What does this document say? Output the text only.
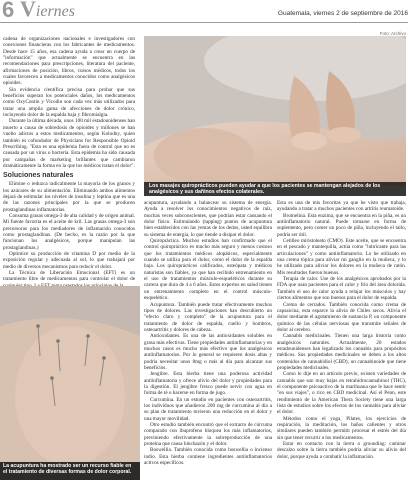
6 Viernes	Guatemala, viernes 2 de septiembre de 2016
Foto: Archivo

cadena de organizaciones nacionales e investigadores con conexiones financieras con los fabricantes de medicamentos. Desde hace 15 años, esa cadena ayuda a crear un cuerpo de "información" que actualmente se encuentra en las recomendaciones para prescripciones, literatura del paciente, afirmaciones de posición, libros, cursos médicos, todos los cuales favorecen a medicamentos conocidos como analgésicos opioides.

Sin evidencia científica precisa para probar que sus beneficios superan los potenciales daños, los medicamentos como OxyContin y Vicodin son cada vez más utilizados para tratar una amplia gama de afecciones de dolor crónico, incluyendo dolor de la espalda baja y fibromialgia.

Durante la última década, unos 100 mil estadounidenses han muerto a causa de sobredosis de opioides y millones se han vuelto adictos a estos medicamentos, según Kolodny, quien también es cofundador de Physicians for Responsible Opioid Prescribing. "Esta es una epidemia fuera de control que no es causada por un virus o bacteria. Esta epidemia ha sido causada por campañas de marketing brillantes que cambiaron dramáticamente la forma en la que los médicos tratan el dolor".

Soluciones naturales

Elimine o reduzca radicalmente la mayoría de los granos y los azúcares de su alimentación. Eliminando ambos alimentos dejará de estimular los niveles de insulina y leptina que es una de las razones principales por la que se producen prostaglandinas inflamatorias.

Consuma grasas omega-3 de alta calidad y de origen animal. Mi fuente favorita es el aceite de kril. Las grasas omega-3 son precursoras para los mediadores de inflamación conocidos como prostaglandinas. (De hecho, es la razón por la que funcionan los analgésicos, porque manipulan las prostaglandinas.)

Optimice su producción de vitamina D por medio de la exposición regular y adecuada al sol, lo que trabajará por medio de diversos mecanismos para reducir el dolor.

La Técnica de Liberación Emocional (EFT) es un tratamiento libre de medicamentos para controlar el dolor de

Los masajes quiroprácticos pueden ayudar a que los pacientes se mantengan alejados de los analgésicos y sus dañinos efectos colaterales.

acupuntura, ayudando a balancear su sistema de energía. Ayuda a resolver los conocimientos negativos de raíz, muchas veces subconscientes, que podrían estar causando el dolor físico. Estimulando (tapping) puntos de acupuntura bien establecidos con las yemas de los dedos, usted equilibra su sistema de energía, lo que tiende a disipar el dolor.

Quiropráctica. Muchos estudios han confirmado que el control quiropráctico es mucho más seguro y menos costoso que los tratamientos médicos alopáticos, especialmente cuando se utiliza para el dolor, como el dolor de la espalda baja. Los quiroprácticos calificados, osteópata y médicos naturistas son fiables, ya que han recibido entrenamiento en el uso de tratamientos músculo-esqueléticos durante su carrera que dura de 4 a 6 años. Estos expertos en salud tienen un entrenamiento completo en el control músculo-esquelético.

Acupuntura. También puede tratar efectivamente muchos tipos de dolores. Las investigaciones han descubierto un "efecto claro y completo" de la acupuntura para el tratamiento de dolor de espalda, cuello y hombros, osteoartritis y dolores de cabeza.

Antioxidantes. Es una de las antioxidantes solubles en grasa más efectivas. Tiene propiedades antiinflamatorias y en muchos casos es mucho más efectivo que los analgésicos antiinflamatorios. Por lo general se requieren dosis altas y podría necesitar unos 8mg o más al día para alcanzar sus beneficios.

Jengibre. Esta hierba tiene una poderosa actividad antiinflamatoria y ofrece alivio del dolor y propiedades para la digestión. El jengibre fresco puede servir con agua en forma de té o hacerse en forma de jugo.

Curcumina. En un estudio en pacientes con osteoartritis, los individuos que añadieron 200 mg de curcumina al día a su plan de tratamiento tuvieron una reducción en el dolor y una mayor movilidad.

Otro estudio también encontró que el extracto de cúrcuma comparado con ibuprofeno bloquea los más inflamatorios, previniendo efectivamente la sobreproducción de una proteína que causa hinchazón y el dolor.

Boswellia. También conocida como boswellia o incienso indio. Esta hierba contiene ingredientes antiinflamatorios activos específicos.

Esta es una de mis favoritas ya que he visto que trabaja, ayudando a tratar a muchos pacientes con artritis reumatoide.

Bromelina. Esta enzima, que se encuentra en la piña, es un antiinflamatorio natural. Puede tomarse en forma de suplemento, pero comer un poco de piña, incluyendo el tallo, podría ser útil.

Cetilleo miristoleato (CMO). Este aceite, que se encuentra en el pescado y mantequilla, actúa como "lubricante para las articulaciones" y como antiinflamatorio. Lo he utilizado en una crema tópica para aliviar mi ganglio en la muñeca, y lo he utilizado para aliviar los dolores en la muñeca de ratón. Mis resultados fueron buenos.

Terapia de calor. Use de los analgésicos aprobados por la FDA que usan pacientes para el calor y frío del área dolorida. También el uso de calor ayuda a relajar los músculos y hay ciertos alimentos que son buenos para el dolor de espalda.

Crema de cerrados. También conocida como crema de capsaicina, esta esparce la alivia de Chiles secos. Alivia el dolor mediante el agotamiento de sustancia P, un componente químico de las células nerviosas que transmite señales de dolor al cerebro.

Cannabis medicinales. Tienen una larga historia como analgésicos naturales. Actualmente, 20 estados estadounidenses han legalizado los cannabis para propósitos médicos. Sus propiedades medicinales se deben a los altos contenidos de cannabidiol (CBD), un cannabinoide que tiene propiedades medicinales.

Como lo dije en un artículo previo, existen variedades de cannabis que son muy bajas en tetrahidrocannabinol (THC), el componente psicoactivo de la marihuana que le hace sentir "en sus viajes", o rico en CBD medicinal. Así el Penn, este rendimiento de la American Thera Society tiene una larga lista de estudios sobre los efectos de los cannabis para aliviar el dolor.

Métodos como el yoga, Pilates, los ejercicios de respiración, la meditación, los baños calientes y otros similares pueden también permitir procesar el estrés del día sin que tener recurrir a los medicamentos.

Estar en contacto con la tierra o grounding: caminar descalzo sobre la tierra también podría aliviar su alivio del dolor, porque ayuda a combatir la inflamación.

La acupuntura ha mostrado ser un recurso fiable en el tratamiento de diversas formas de dolor corporal.
